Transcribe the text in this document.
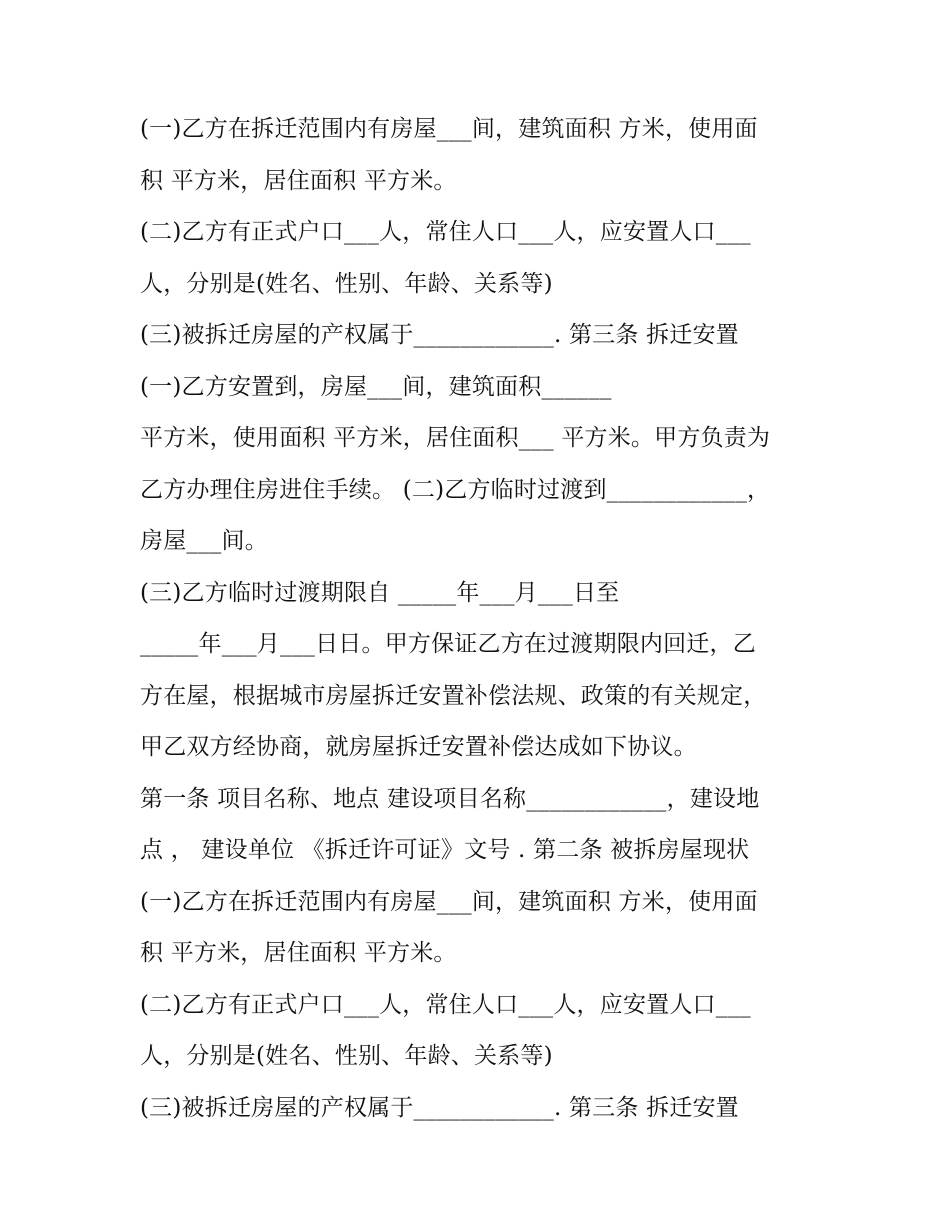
(一)乙方在拆迁范围内有房屋___间，建筑面积 方米，使用面
积 平方米，居住面积 平方米。
(二)乙方有正式户口___人，常住人口___人，应安置人口___
人，分别是(姓名、性别、年龄、关系等)
(三)被拆迁房屋的产权属于____________. 第三条 拆迁安置
(一)乙方安置到，房屋___间，建筑面积______
平方米，使用面积 平方米，居住面积___ 平方米。甲方负责为
乙方办理住房进住手续。 (二)乙方临时过渡到____________，
房屋___间。
(三)乙方临时过渡期限自 _____年___月___日至
_____年___月___日日。甲方保证乙方在过渡期限内回迁，乙
方在屋，根据城市房屋拆迁安置补偿法规、政策的有关规定，
甲乙双方经协商，就房屋拆迁安置补偿达成如下协议。
第一条 项目名称、地点 建设项目名称____________，建设地
点 ， 建设单位 《拆迁许可证》文号 . 第二条 被拆房屋现状
(一)乙方在拆迁范围内有房屋___间，建筑面积 方米，使用面
积 平方米，居住面积 平方米。
(二)乙方有正式户口___人，常住人口___人，应安置人口___
人，分别是(姓名、性别、年龄、关系等)
(三)被拆迁房屋的产权属于____________. 第三条 拆迁安置
